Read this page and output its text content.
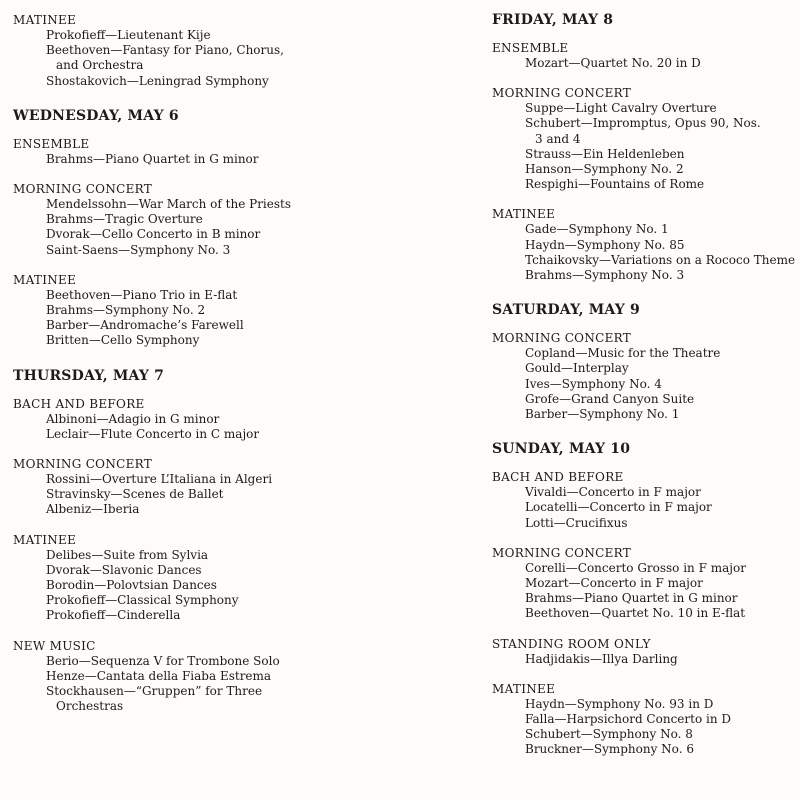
MATINEE
Prokofieff—Lieutenant Kije
Beethoven—Fantasy for Piano, Chorus,
and Orchestra
Shostakovich—Leningrad Symphony
WEDNESDAY, MAY 6
ENSEMBLE
Brahms—Piano Quartet in G minor
MORNING CONCERT
Mendelssohn—War March of the Priests
Brahms—Tragic Overture
Dvorak—Cello Concerto in B minor
Saint-Saens—Symphony No. 3
MATINEE
Beethoven—Piano Trio in E-flat
Brahms—Symphony No. 2
Barber—Andromache’s Farewell
Britten—Cello Symphony
THURSDAY, MAY 7
BACH AND BEFORE
Albinoni—Adagio in G minor
Leclair—Flute Concerto in C major
MORNING CONCERT
Rossini—Overture L’Italiana in Algeri
Stravinsky—Scenes de Ballet
Albeniz—Iberia
MATINEE
Delibes—Suite from Sylvia
Dvorak—Slavonic Dances
Borodin—Polovtsian Dances
Prokofieff—Classical Symphony
Prokofieff—Cinderella
NEW MUSIC
Berio—Sequenza V for Trombone Solo
Henze—Cantata della Fiaba Estrema
Stockhausen—“Gruppen” for Three
Orchestras
FRIDAY, MAY 8
ENSEMBLE
Mozart—Quartet No. 20 in D
MORNING CONCERT
Suppe—Light Cavalry Overture
Schubert—Impromptus, Opus 90, Nos.
3 and 4
Strauss—Ein Heldenleben
Hanson—Symphony No. 2
Respighi—Fountains of Rome
MATINEE
Gade—Symphony No. 1
Haydn—Symphony No. 85
Tchaikovsky—Variations on a Rococo Theme
Brahms—Symphony No. 3
SATURDAY, MAY 9
MORNING CONCERT
Copland—Music for the Theatre
Gould—Interplay
Ives—Symphony No. 4
Grofe—Grand Canyon Suite
Barber—Symphony No. 1
SUNDAY, MAY 10
BACH AND BEFORE
Vivaldi—Concerto in F major
Locatelli—Concerto in F major
Lotti—Crucifixus
MORNING CONCERT
Corelli—Concerto Grosso in F major
Mozart—Concerto in F major
Brahms—Piano Quartet in G minor
Beethoven—Quartet No. 10 in E-flat
STANDING ROOM ONLY
Hadjidakis—Illya Darling
MATINEE
Haydn—Symphony No. 93 in D
Falla—Harpsichord Concerto in D
Schubert—Symphony No. 8
Bruckner—Symphony No. 6
